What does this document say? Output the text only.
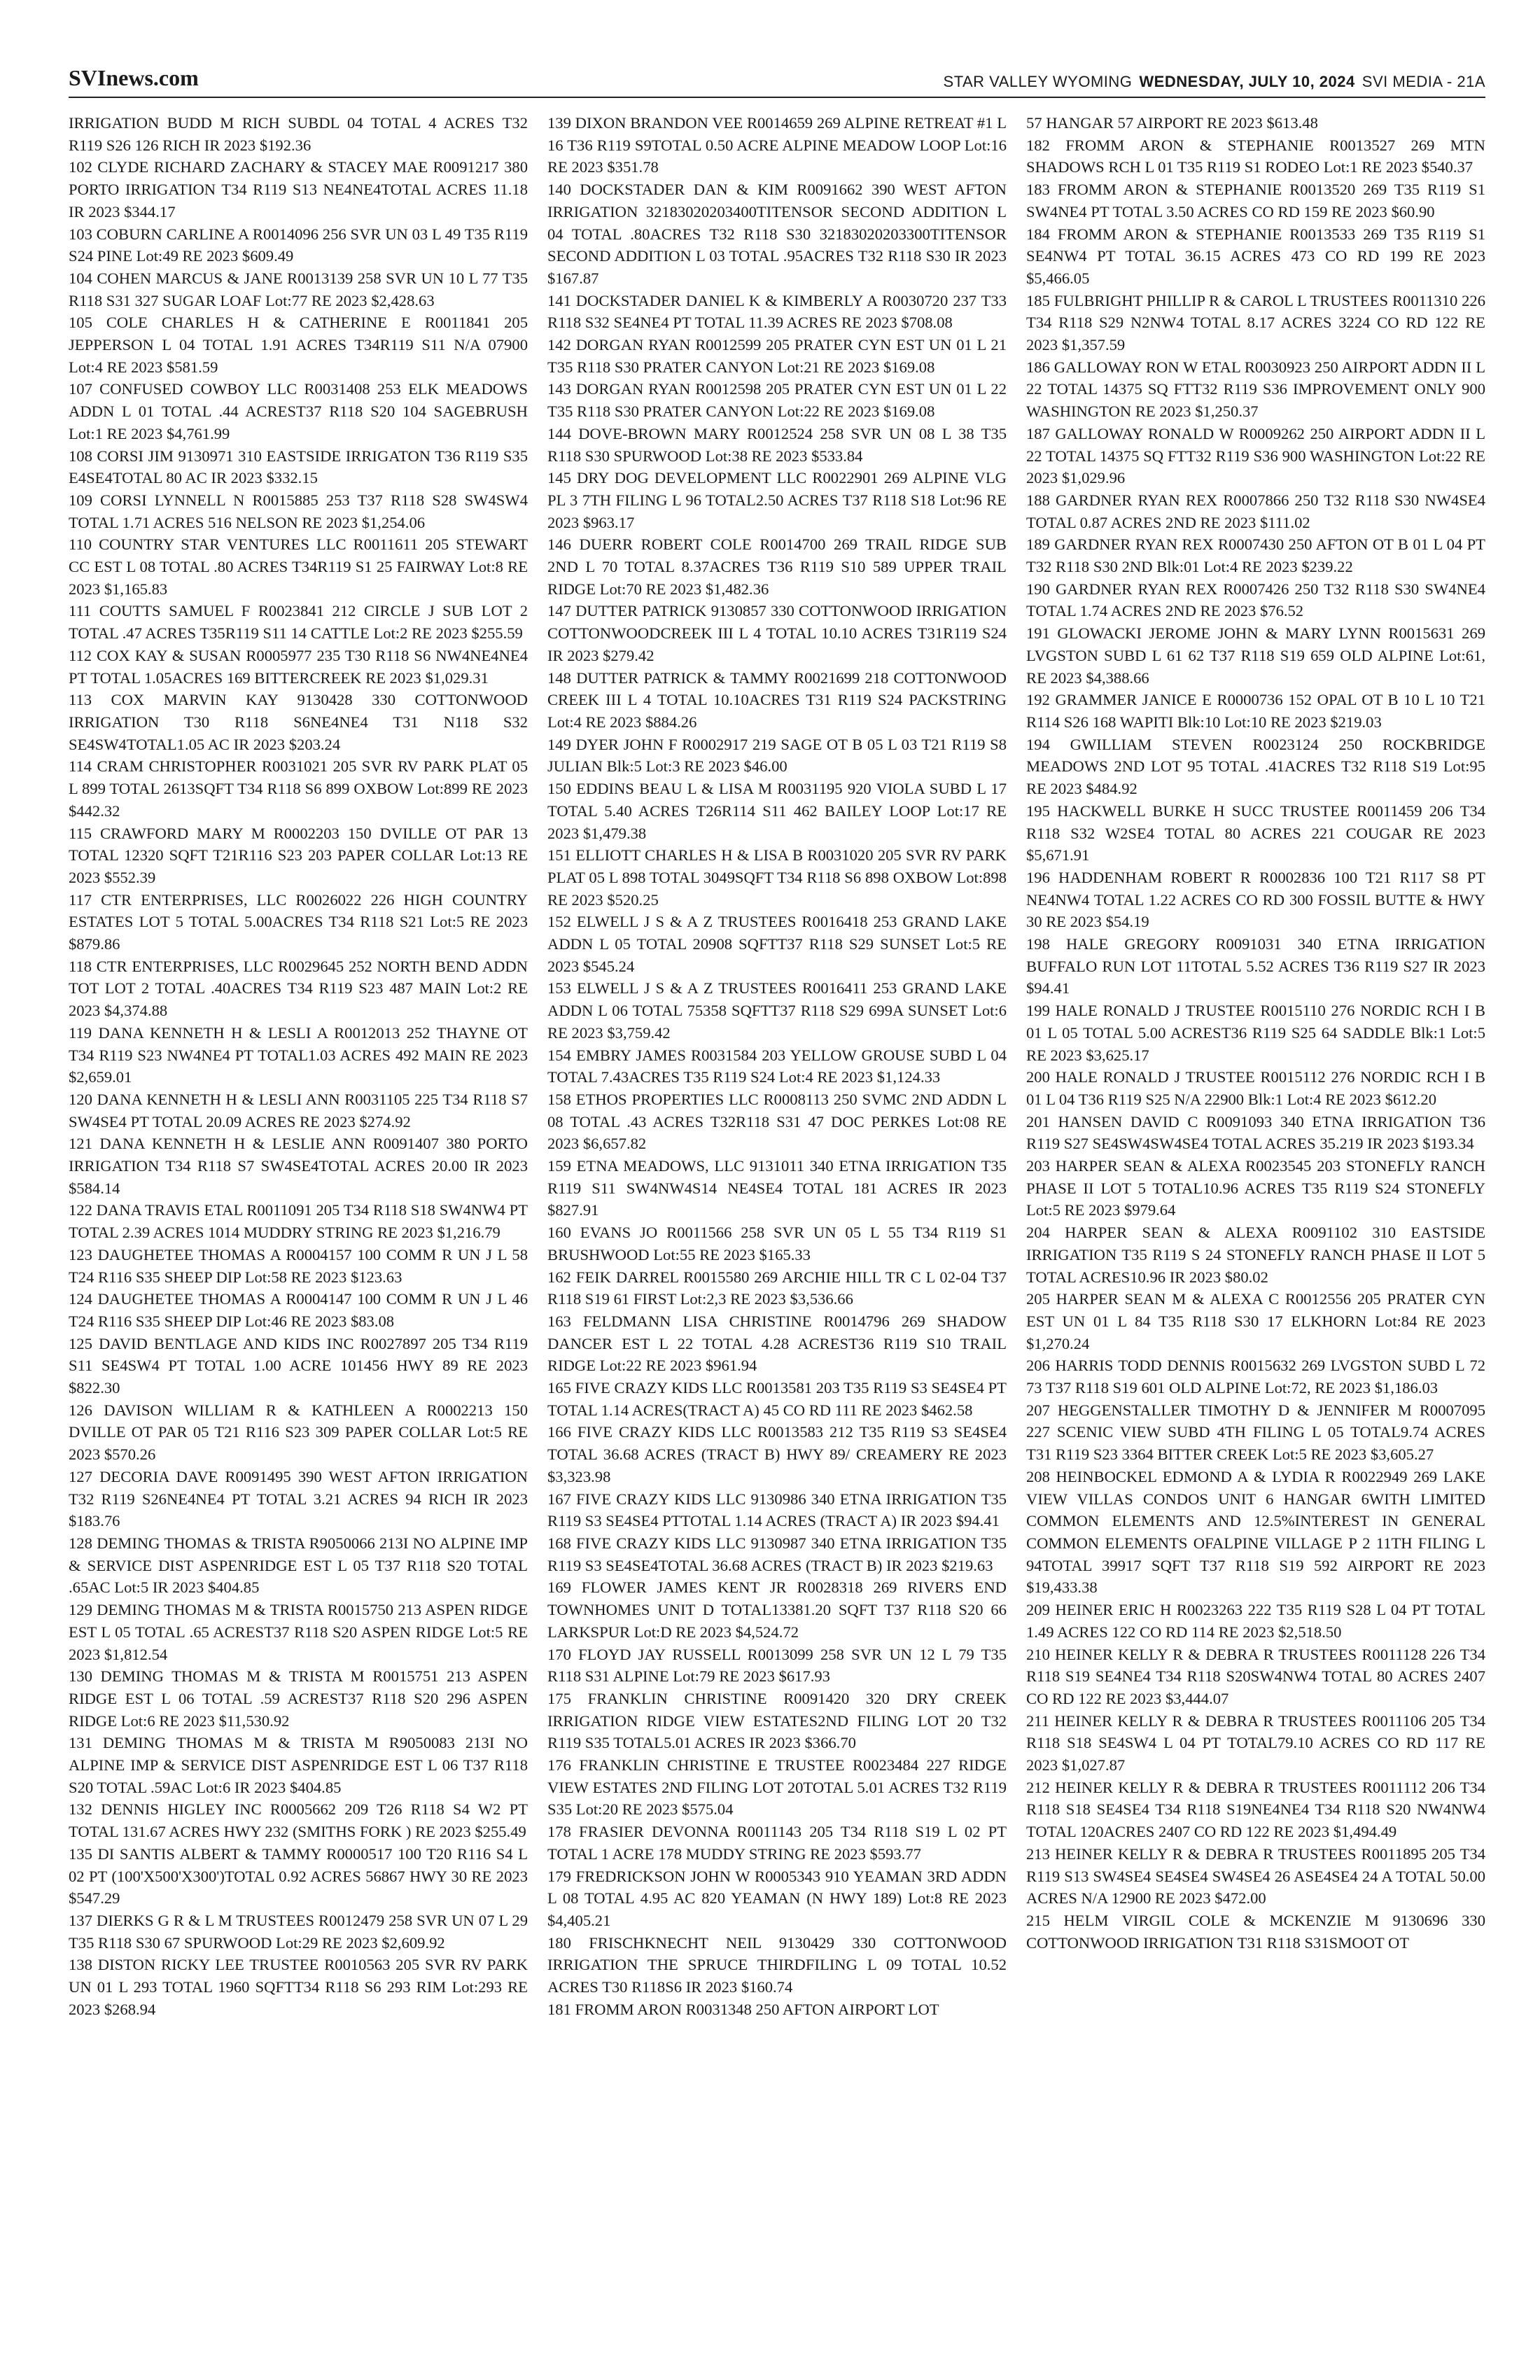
SVInews.com	STAR VALLEY WYOMING WEDNESDAY, JULY 10, 2024 SVI MEDIA - 21A

IRRIGATION BUDD M RICH SUBDL 04 TOTAL 4 ACRES T32 R119 S26 126 RICH IR 2023 $192.36

102 CLYDE RICHARD ZACHARY & STACEY MAE R0091217 380 PORTO IRRIGATION T34 R119 S13 NE4NE4TOTAL ACRES 11.18 IR 2023 $344.17

103 COBURN CARLINE A R0014096 256 SVR UN 03 L 49 T35 R119 S24 PINE Lot:49 RE 2023 $609.49

104 COHEN MARCUS & JANE R0013139 258 SVR UN 10 L 77 T35 R118 S31 327 SUGAR LOAF Lot:77 RE 2023 $2,428.63

105 COLE CHARLES H & CATHERINE E R0011841 205 JEPPERSON L 04 TOTAL 1.91 ACRES T34R119 S11 N/A 07900 Lot:4 RE 2023 $581.59

107 CONFUSED COWBOY LLC R0031408 253 ELK MEADOWS ADDN L 01 TOTAL .44 ACREST37 R118 S20 104 SAGEBRUSH Lot:1 RE 2023 $4,761.99

108 CORSI JIM 9130971 310 EASTSIDE IRRIGATON T36 R119 S35 E4SE4TOTAL 80 AC IR 2023 $332.15

109 CORSI LYNNELL N R0015885 253 T37 R118 S28 SW4SW4 TOTAL 1.71 ACRES 516 NELSON RE 2023 $1,254.06

110 COUNTRY STAR VENTURES LLC R0011611 205 STEWART CC EST L 08 TOTAL .80 ACRES T34R119 S1 25 FAIRWAY Lot:8 RE 2023 $1,165.83

111 COUTTS SAMUEL F R0023841 212 CIRCLE J SUB LOT 2 TOTAL .47 ACRES T35R119 S11 14 CATTLE Lot:2 RE 2023 $255.59

112 COX KAY & SUSAN R0005977 235 T30 R118 S6 NW4NE4NE4 PT TOTAL 1.05ACRES 169 BITTERCREEK RE 2023 $1,029.31

113 COX MARVIN KAY 9130428 330 COTTONWOOD IRRIGATION T30 R118 S6NE4NE4 T31 N118 S32 SE4SW4TOTAL1.05 AC IR 2023 $203.24

114 CRAM CHRISTOPHER R0031021 205 SVR RV PARK PLAT 05 L 899 TOTAL 2613SQFT T34 R118 S6 899 OXBOW Lot:899 RE 2023 $442.32

115 CRAWFORD MARY M R0002203 150 DVILLE OT PAR 13 TOTAL 12320 SQFT T21R116 S23 203 PAPER COLLAR Lot:13 RE 2023 $552.39

117 CTR ENTERPRISES, LLC R0026022 226 HIGH COUNTRY ESTATES LOT 5 TOTAL 5.00ACRES T34 R118 S21 Lot:5 RE 2023 $879.86

118 CTR ENTERPRISES, LLC R0029645 252 NORTH BEND ADDN TOT LOT 2 TOTAL .40ACRES T34 R119 S23 487 MAIN Lot:2 RE 2023 $4,374.88

119 DANA KENNETH H & LESLI A R0012013 252 THAYNE OT T34 R119 S23 NW4NE4 PT TOTAL1.03 ACRES 492 MAIN RE 2023 $2,659.01

120 DANA KENNETH H & LESLI ANN R0031105 225 T34 R118 S7 SW4SE4 PT TOTAL 20.09 ACRES RE 2023 $274.92

121 DANA KENNETH H & LESLIE ANN R0091407 380 PORTO IRRIGATION T34 R118 S7 SW4SE4TOTAL ACRES 20.00 IR 2023 $584.14

122 DANA TRAVIS ETAL R0011091 205 T34 R118 S18 SW4NW4 PT TOTAL 2.39 ACRES 1014 MUDDRY STRING RE 2023 $1,216.79

123 DAUGHETEE THOMAS A R0004157 100 COMM R UN J L 58 T24 R116 S35 SHEEP DIP Lot:58 RE 2023 $123.63

124 DAUGHETEE THOMAS A R0004147 100 COMM R UN J L 46 T24 R116 S35 SHEEP DIP Lot:46 RE 2023 $83.08

125 DAVID BENTLAGE AND KIDS INC R0027897 205 T34 R119 S11 SE4SW4 PT TOTAL 1.00 ACRE 101456 HWY 89 RE 2023 $822.30

126 DAVISON WILLIAM R & KATHLEEN A R0002213 150 DVILLE OT PAR 05 T21 R116 S23 309 PAPER COLLAR Lot:5 RE 2023 $570.26

127 DECORIA DAVE R0091495 390 WEST AFTON IRRIGATION T32 R119 S26NE4NE4 PT TOTAL 3.21 ACRES 94 RICH IR 2023 $183.76

128 DEMING THOMAS & TRISTA R9050066 213I NO ALPINE IMP & SERVICE DIST ASPENRIDGE EST L 05 T37 R118 S20 TOTAL .65AC Lot:5 IR 2023 $404.85

129 DEMING THOMAS M & TRISTA R0015750 213 ASPEN RIDGE EST L 05 TOTAL .65 ACREST37 R118 S20 ASPEN RIDGE Lot:5 RE 2023 $1,812.54

130 DEMING THOMAS M & TRISTA M R0015751 213 ASPEN RIDGE EST L 06 TOTAL .59 ACREST37 R118 S20 296 ASPEN RIDGE Lot:6 RE 2023 $11,530.92

131 DEMING THOMAS M & TRISTA M R9050083 213I NO ALPINE IMP & SERVICE DIST ASPENRIDGE EST L 06 T37 R118 S20 TOTAL .59AC Lot:6 IR 2023 $404.85

132 DENNIS HIGLEY INC R0005662 209 T26 R118 S4 W2 PT TOTAL 131.67 ACRES HWY 232 (SMITHS FORK ) RE 2023 $255.49

135 DI SANTIS ALBERT & TAMMY R0000517 100 T20 R116 S4 L 02 PT (100'X500'X300')TOTAL 0.92 ACRES 56867 HWY 30 RE 2023 $547.29

137 DIERKS G R & L M TRUSTEES R0012479 258 SVR UN 07 L 29 T35 R118 S30 67 SPURWOOD Lot:29 RE 2023 $2,609.92

138 DISTON RICKY LEE TRUSTEE R0010563 205 SVR RV PARK UN 01 L 293 TOTAL 1960 SQFTT34 R118 S6 293 RIM Lot:293 RE 2023 $268.94

139 DIXON BRANDON VEE R0014659 269 ALPINE RETREAT #1 L 16 T36 R119 S9TOTAL 0.50 ACRE ALPINE MEADOW LOOP Lot:16 RE 2023 $351.78

140 DOCKSTADER DAN & KIM R0091662 390 WEST AFTON IRRIGATION 32183020203400TITENSOR SECOND ADDITION L 04 TOTAL .80ACRES T32 R118 S30 32183020203300TITENSOR SECOND ADDITION L 03 TOTAL .95ACRES T32 R118 S30 IR 2023 $167.87

141 DOCKSTADER DANIEL K & KIMBERLY A R0030720 237 T33 R118 S32 SE4NE4 PT TOTAL 11.39 ACRES RE 2023 $708.08

142 DORGAN RYAN R0012599 205 PRATER CYN EST UN 01 L 21 T35 R118 S30 PRATER CANYON Lot:21 RE 2023 $169.08

143 DORGAN RYAN R0012598 205 PRATER CYN EST UN 01 L 22 T35 R118 S30 PRATER CANYON Lot:22 RE 2023 $169.08

144 DOVE-BROWN MARY R0012524 258 SVR UN 08 L 38 T35 R118 S30 SPURWOOD Lot:38 RE 2023 $533.84

145 DRY DOG DEVELOPMENT LLC R0022901 269 ALPINE VLG PL 3 7TH FILING L 96 TOTAL2.50 ACRES T37 R118 S18 Lot:96 RE 2023 $963.17

146 DUERR ROBERT COLE R0014700 269 TRAIL RIDGE SUB 2ND L 70 TOTAL 8.37ACRES T36 R119 S10 589 UPPER TRAIL RIDGE Lot:70 RE 2023 $1,482.36

147 DUTTER PATRICK 9130857 330 COTTONWOOD IRRIGATION COTTONWOODCREEK III L 4 TOTAL 10.10 ACRES T31R119 S24 IR 2023 $279.42

148 DUTTER PATRICK & TAMMY R0021699 218 COTTONWOOD CREEK III L 4 TOTAL 10.10ACRES T31 R119 S24 PACKSTRING Lot:4 RE 2023 $884.26

149 DYER JOHN F R0002917 219 SAGE OT B 05 L 03 T21 R119 S8 JULIAN Blk:5 Lot:3 RE 2023 $46.00

150 EDDINS BEAU L & LISA M R0031195 920 VIOLA SUBD L 17 TOTAL 5.40 ACRES T26R114 S11 462 BAILEY LOOP Lot:17 RE 2023 $1,479.38

151 ELLIOTT CHARLES H & LISA B R0031020 205 SVR RV PARK PLAT 05 L 898 TOTAL 3049SQFT T34 R118 S6 898 OXBOW Lot:898 RE 2023 $520.25

152 ELWELL J S & A Z TRUSTEES R0016418 253 GRAND LAKE ADDN L 05 TOTAL 20908 SQFTT37 R118 S29 SUNSET Lot:5 RE 2023 $545.24

153 ELWELL J S & A Z TRUSTEES R0016411 253 GRAND LAKE ADDN L 06 TOTAL 75358 SQFTT37 R118 S29 699A SUNSET Lot:6 RE 2023 $3,759.42

154 EMBRY JAMES R0031584 203 YELLOW GROUSE SUBD L 04 TOTAL 7.43ACRES T35 R119 S24 Lot:4 RE 2023 $1,124.33

158 ETHOS PROPERTIES LLC R0008113 250 SVMC 2ND ADDN L 08 TOTAL .43 ACRES T32R118 S31 47 DOC PERKES Lot:08 RE 2023 $6,657.82

159 ETNA MEADOWS, LLC 9131011 340 ETNA IRRIGATION T35 R119 S11 SW4NW4S14 NE4SE4 TOTAL 181 ACRES IR 2023 $827.91

160 EVANS JO R0011566 258 SVR UN 05 L 55 T34 R119 S1 BRUSHWOOD Lot:55 RE 2023 $165.33

162 FEIK DARREL R0015580 269 ARCHIE HILL TR C L 02-04 T37 R118 S19 61 FIRST Lot:2,3 RE 2023 $3,536.66

163 FELDMANN LISA CHRISTINE R0014796 269 SHADOW DANCER EST L 22 TOTAL 4.28 ACREST36 R119 S10 TRAIL RIDGE Lot:22 RE 2023 $961.94

165 FIVE CRAZY KIDS LLC R0013581 203 T35 R119 S3 SE4SE4 PT TOTAL 1.14 ACRES(TRACT A) 45 CO RD 111 RE 2023 $462.58

166 FIVE CRAZY KIDS LLC R0013583 212 T35 R119 S3 SE4SE4 TOTAL 36.68 ACRES (TRACT B) HWY 89/ CREAMERY RE 2023 $3,323.98

167 FIVE CRAZY KIDS LLC 9130986 340 ETNA IRRIGATION T35 R119 S3 SE4SE4 PTTOTAL 1.14 ACRES (TRACT A) IR 2023 $94.41

168 FIVE CRAZY KIDS LLC 9130987 340 ETNA IRRIGATION T35 R119 S3 SE4SE4TOTAL 36.68 ACRES (TRACT B) IR 2023 $219.63

169 FLOWER JAMES KENT JR R0028318 269 RIVERS END TOWNHOMES UNIT D TOTAL13381.20 SQFT T37 R118 S20 66 LARKSPUR Lot:D RE 2023 $4,524.72

170 FLOYD JAY RUSSELL R0013099 258 SVR UN 12 L 79 T35 R118 S31 ALPINE Lot:79 RE 2023 $617.93

175 FRANKLIN CHRISTINE R0091420 320 DRY CREEK IRRIGATION RIDGE VIEW ESTATES2ND FILING LOT 20 T32 R119 S35 TOTAL5.01 ACRES IR 2023 $366.70

176 FRANKLIN CHRISTINE E TRUSTEE R0023484 227 RIDGE VIEW ESTATES 2ND FILING LOT 20TOTAL 5.01 ACRES T32 R119 S35 Lot:20 RE 2023 $575.04

178 FRASIER DEVONNA R0011143 205 T34 R118 S19 L 02 PT TOTAL 1 ACRE 178 MUDDY STRING RE 2023 $593.77

179 FREDRICKSON JOHN W R0005343 910 YEAMAN 3RD ADDN L 08 TOTAL 4.95 AC 820 YEAMAN (N HWY 189) Lot:8 RE 2023 $4,405.21

180 FRISCHKNECHT NEIL 9130429 330 COTTONWOOD IRRIGATION THE SPRUCE THIRDFILING L 09 TOTAL 10.52 ACRES T30 R118S6 IR 2023 $160.74

181 FROMM ARON R0031348 250 AFTON AIRPORT LOT

57 HANGAR 57 AIRPORT RE 2023 $613.48

182 FROMM ARON & STEPHANIE R0013527 269 MTN SHADOWS RCH L 01 T35 R119 S1 RODEO Lot:1 RE 2023 $540.37

183 FROMM ARON & STEPHANIE R0013520 269 T35 R119 S1 SW4NE4 PT TOTAL 3.50 ACRES CO RD 159 RE 2023 $60.90

184 FROMM ARON & STEPHANIE R0013533 269 T35 R119 S1 SE4NW4 PT TOTAL 36.15 ACRES 473 CO RD 199 RE 2023 $5,466.05

185 FULBRIGHT PHILLIP R & CAROL L TRUSTEES R0011310 226 T34 R118 S29 N2NW4 TOTAL 8.17 ACRES 3224 CO RD 122 RE 2023 $1,357.59

186 GALLOWAY RON W ETAL R0030923 250 AIRPORT ADDN II L 22 TOTAL 14375 SQ FTT32 R119 S36 IMPROVEMENT ONLY 900 WASHINGTON RE 2023 $1,250.37

187 GALLOWAY RONALD W R0009262 250 AIRPORT ADDN II L 22 TOTAL 14375 SQ FTT32 R119 S36 900 WASHINGTON Lot:22 RE 2023 $1,029.96

188 GARDNER RYAN REX R0007866 250 T32 R118 S30 NW4SE4 TOTAL 0.87 ACRES 2ND RE 2023 $111.02

189 GARDNER RYAN REX R0007430 250 AFTON OT B 01 L 04 PT T32 R118 S30 2ND Blk:01 Lot:4 RE 2023 $239.22

190 GARDNER RYAN REX R0007426 250 T32 R118 S30 SW4NE4 TOTAL 1.74 ACRES 2ND RE 2023 $76.52

191 GLOWACKI JEROME JOHN & MARY LYNN R0015631 269 LVGSTON SUBD L 61 62 T37 R118 S19 659 OLD ALPINE Lot:61, RE 2023 $4,388.66

192 GRAMMER JANICE E R0000736 152 OPAL OT B 10 L 10 T21 R114 S26 168 WAPITI Blk:10 Lot:10 RE 2023 $219.03

194 GWILLIAM STEVEN R0023124 250 ROCKBRIDGE MEADOWS 2ND LOT 95 TOTAL .41ACRES T32 R118 S19 Lot:95 RE 2023 $484.92

195 HACKWELL BURKE H SUCC TRUSTEE R0011459 206 T34 R118 S32 W2SE4 TOTAL 80 ACRES 221 COUGAR RE 2023 $5,671.91

196 HADDENHAM ROBERT R R0002836 100 T21 R117 S8 PT NE4NW4 TOTAL 1.22 ACRES CO RD 300 FOSSIL BUTTE & HWY 30 RE 2023 $54.19

198 HALE GREGORY R0091031 340 ETNA IRRIGATION BUFFALO RUN LOT 11TOTAL 5.52 ACRES T36 R119 S27 IR 2023 $94.41

199 HALE RONALD J TRUSTEE R0015110 276 NORDIC RCH I B 01 L 05 TOTAL 5.00 ACREST36 R119 S25 64 SADDLE Blk:1 Lot:5 RE 2023 $3,625.17

200 HALE RONALD J TRUSTEE R0015112 276 NORDIC RCH I B 01 L 04 T36 R119 S25 N/A 22900 Blk:1 Lot:4 RE 2023 $612.20

201 HANSEN DAVID C R0091093 340 ETNA IRRIGATION T36 R119 S27 SE4SW4SW4SE4 TOTAL ACRES 35.219 IR 2023 $193.34

203 HARPER SEAN & ALEXA R0023545 203 STONEFLY RANCH PHASE II LOT 5 TOTAL10.96 ACRES T35 R119 S24 STONEFLY Lot:5 RE 2023 $979.64

204 HARPER SEAN & ALEXA R0091102 310 EASTSIDE IRRIGATION T35 R119 S 24 STONEFLY RANCH PHASE II LOT 5 TOTAL ACRES10.96 IR 2023 $80.02

205 HARPER SEAN M & ALEXA C R0012556 205 PRATER CYN EST UN 01 L 84 T35 R118 S30 17 ELKHORN Lot:84 RE 2023 $1,270.24

206 HARRIS TODD DENNIS R0015632 269 LVGSTON SUBD L 72 73 T37 R118 S19 601 OLD ALPINE Lot:72, RE 2023 $1,186.03

207 HEGGENSTALLER TIMOTHY D & JENNIFER M R0007095 227 SCENIC VIEW SUBD 4TH FILING L 05 TOTAL9.74 ACRES T31 R119 S23 3364 BITTER CREEK Lot:5 RE 2023 $3,605.27

208 HEINBOCKEL EDMOND A & LYDIA R R0022949 269 LAKE VIEW VILLAS CONDOS UNIT 6 HANGAR 6WITH LIMITED COMMON ELEMENTS AND 12.5%INTEREST IN GENERAL COMMON ELEMENTS OFALPINE VILLAGE P 2 11TH FILING L 94TOTAL 39917 SQFT T37 R118 S19 592 AIRPORT RE 2023 $19,433.38

209 HEINER ERIC H R0023263 222 T35 R119 S28 L 04 PT TOTAL 1.49 ACRES 122 CO RD 114 RE 2023 $2,518.50

210 HEINER KELLY R & DEBRA R TRUSTEES R0011128 226 T34 R118 S19 SE4NE4 T34 R118 S20SW4NW4 TOTAL 80 ACRES 2407 CO RD 122 RE 2023 $3,444.07

211 HEINER KELLY R & DEBRA R TRUSTEES R0011106 205 T34 R118 S18 SE4SW4 L 04 PT TOTAL79.10 ACRES CO RD 117 RE 2023 $1,027.87

212 HEINER KELLY R & DEBRA R TRUSTEES R0011112 206 T34 R118 S18 SE4SE4 T34 R118 S19NE4NE4 T34 R118 S20 NW4NW4 TOTAL 120ACRES 2407 CO RD 122 RE 2023 $1,494.49

213 HEINER KELLY R & DEBRA R TRUSTEES R0011895 205 T34 R119 S13 SW4SE4 SE4SE4 SW4SE4 26 ASE4SE4 24 A TOTAL 50.00 ACRES N/A 12900 RE 2023 $472.00

215 HELM VIRGIL COLE & MCKENZIE M 9130696 330 COTTONWOOD IRRIGATION T31 R118 S31SMOOT OT
